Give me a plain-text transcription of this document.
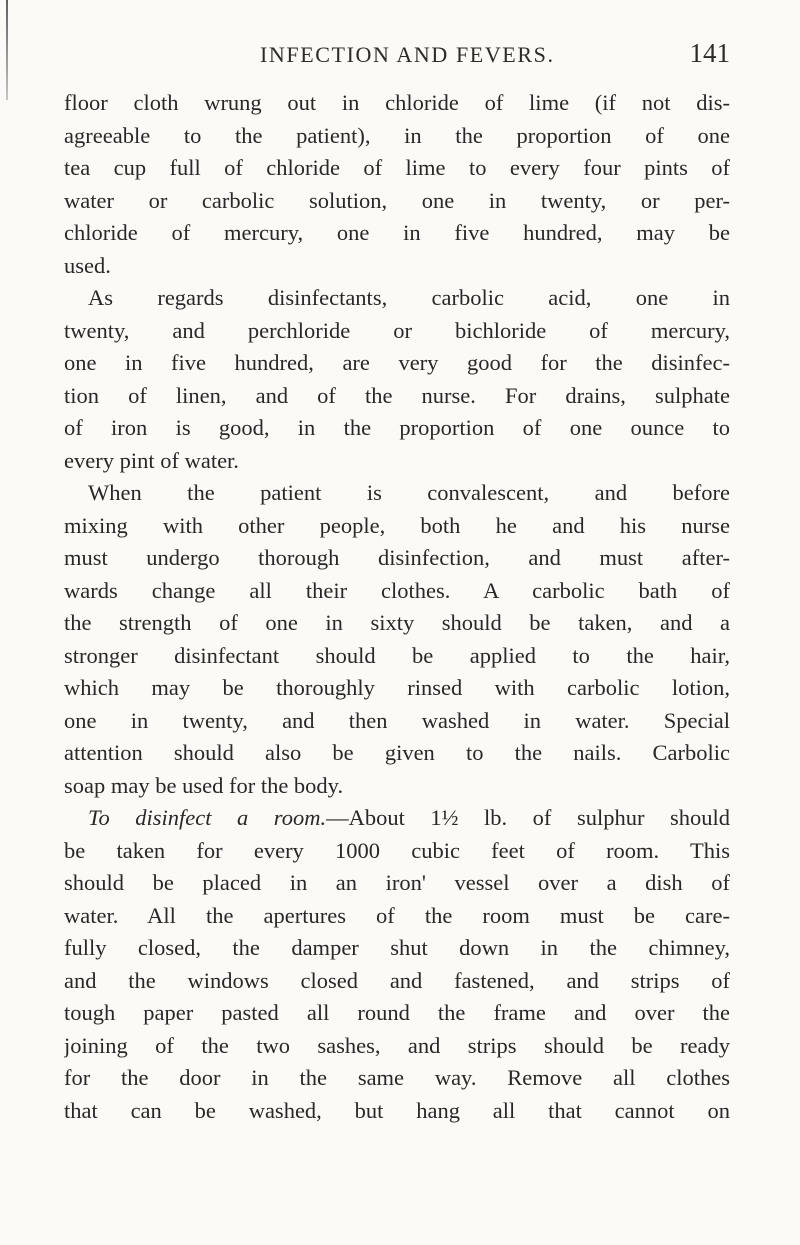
INFECTION AND FEVERS.	141
floor cloth wrung out in chloride of lime (if not dis-
agreeable to the patient), in the proportion of one
tea cup full of chloride of lime to every four pints of
water or carbolic solution, one in twenty, or per-
chloride of mercury, one in five hundred, may be
used.
As regards disinfectants, carbolic acid, one in
twenty, and perchloride or bichloride of mercury,
one in five hundred, are very good for the disinfec-
tion of linen, and of the nurse. For drains, sulphate
of iron is good, in the proportion of one ounce to
every pint of water.
When the patient is convalescent, and before
mixing with other people, both he and his nurse
must undergo thorough disinfection, and must after-
wards change all their clothes. A carbolic bath of
the strength of one in sixty should be taken, and a
stronger disinfectant should be applied to the hair,
which may be thoroughly rinsed with carbolic lotion,
one in twenty, and then washed in water. Special
attention should also be given to the nails. Carbolic
soap may be used for the body.
To disinfect a room.—About 1½ lb. of sulphur should
be taken for every 1000 cubic feet of room. This
should be placed in an iron' vessel over a dish of
water. All the apertures of the room must be care-
fully closed, the damper shut down in the chimney,
and the windows closed and fastened, and strips of
tough paper pasted all round the frame and over the
joining of the two sashes, and strips should be ready
for the door in the same way. Remove all clothes
that can be washed, but hang all that cannot on
